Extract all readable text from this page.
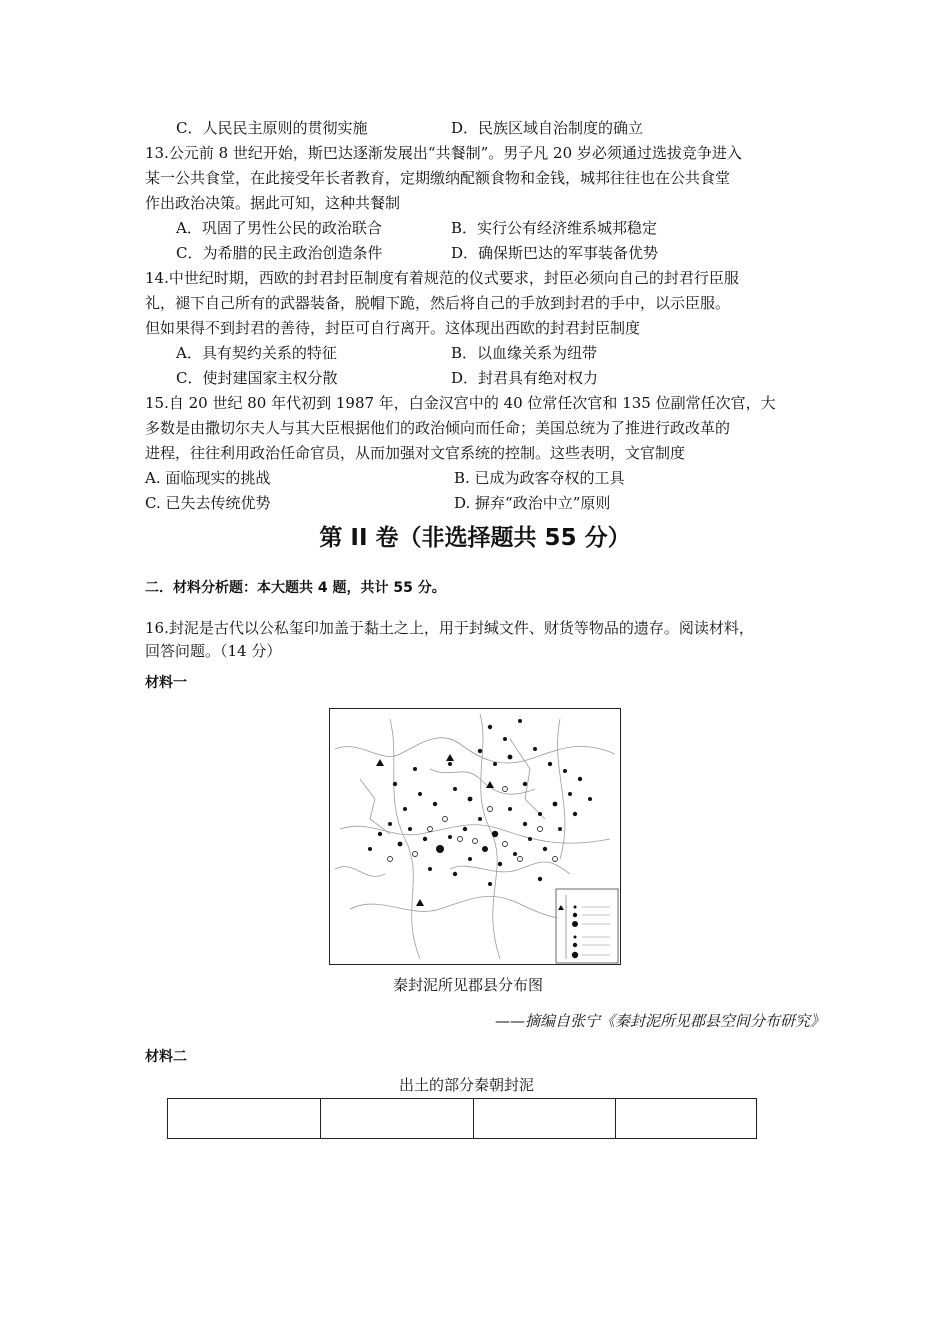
C．人民民主原则的贯彻实施	D．民族区域自治制度的确立
13.公元前 8 世纪开始，斯巴达逐渐发展出“共餐制”。男子凡 20 岁必须通过选拔竞争进入
某一公共食堂，在此接受年长者教育，定期缴纳配额食物和金钱，城邦往往也在公共食堂
作出政治决策。据此可知，这种共餐制
A．巩固了男性公民的政治联合	B．实行公有经济维系城邦稳定
C．为希腊的民主政治创造条件	D．确保斯巴达的军事装备优势
14.中世纪时期，西欧的封君封臣制度有着规范的仪式要求，封臣必须向自己的封君行臣服
礼，褪下自己所有的武器装备，脱帽下跪，然后将自己的手放到封君的手中，以示臣服。
但如果得不到封君的善待，封臣可自行离开。这体现出西欧的封君封臣制度
A．具有契约关系的特征	B．以血缘关系为纽带
C．使封建国家主权分散	D．封君具有绝对权力
15.自 20 世纪 80 年代初到 1987 年，白金汉宫中的 40 位常任次官和 135 位副常任次官，大
多数是由撒切尔夫人与其大臣根据他们的政治倾向而任命；美国总统为了推进行政改革的
进程，往往利用政治任命官员，从而加强对文官系统的控制。这些表明，文官制度
A. 面临现实的挑战	B. 已成为政客夺权的工具
C. 已失去传统优势	D. 摒弃“政治中立”原则
第 II 卷（非选择题共 55 分）
二．材料分析题：本大题共 4 题，共计 55 分。
16.封泥是古代以公私玺印加盖于黏土之上，用于封缄文件、财货等物品的遗存。阅读材料，
回答问题。（14 分）
材料一
秦封泥所见郡县分布图
——摘编自张宁《秦封泥所见郡县空间分布研究》
材料二
出土的部分秦朝封泥
